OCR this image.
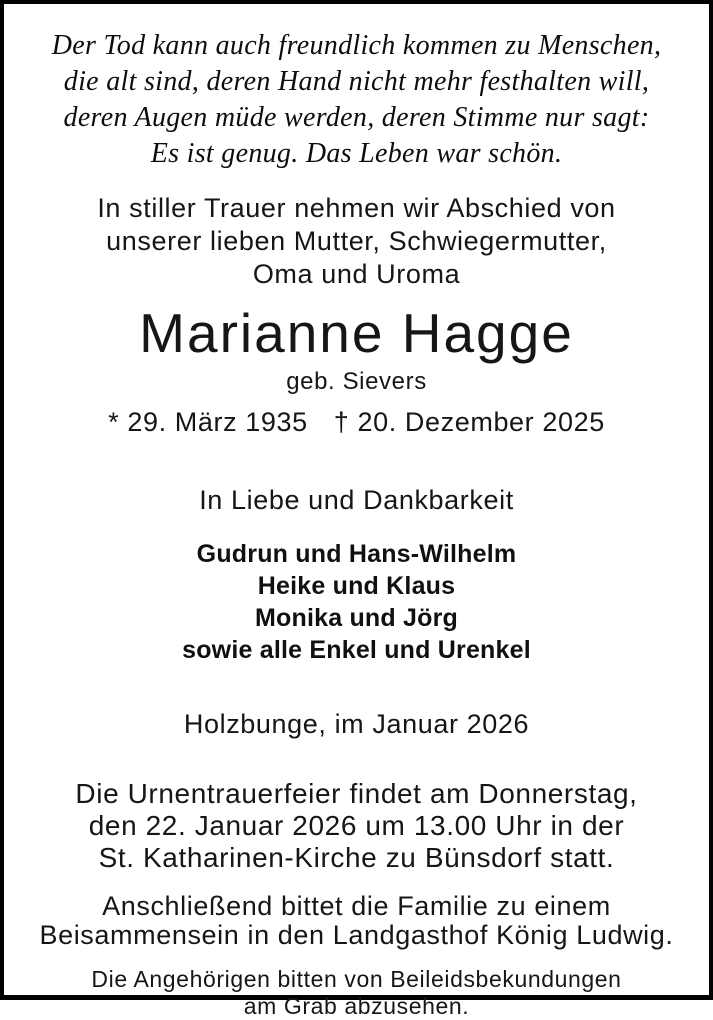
Der Tod kann auch freundlich kommen zu Menschen,
die alt sind, deren Hand nicht mehr festhalten will,
deren Augen müde werden, deren Stimme nur sagt:
Es ist genug. Das Leben war schön.
In stiller Trauer nehmen wir Abschied von
unserer lieben Mutter, Schwiegermutter,
Oma und Uroma
Marianne Hagge
geb. Sievers
* 29. März 1935 † 20. Dezember 2025
In Liebe und Dankbarkeit
Gudrun und Hans-Wilhelm
Heike und Klaus
Monika und Jörg
sowie alle Enkel und Urenkel
Holzbunge, im Januar 2026
Die Urnentrauerfeier findet am Donnerstag,
den 22. Januar 2026 um 13.00 Uhr in der
St. Katharinen-Kirche zu Bünsdorf statt.
Anschließend bittet die Familie zu einem
Beisammensein in den Landgasthof König Ludwig.
Die Angehörigen bitten von Beileidsbekundungen
am Grab abzusehen.
